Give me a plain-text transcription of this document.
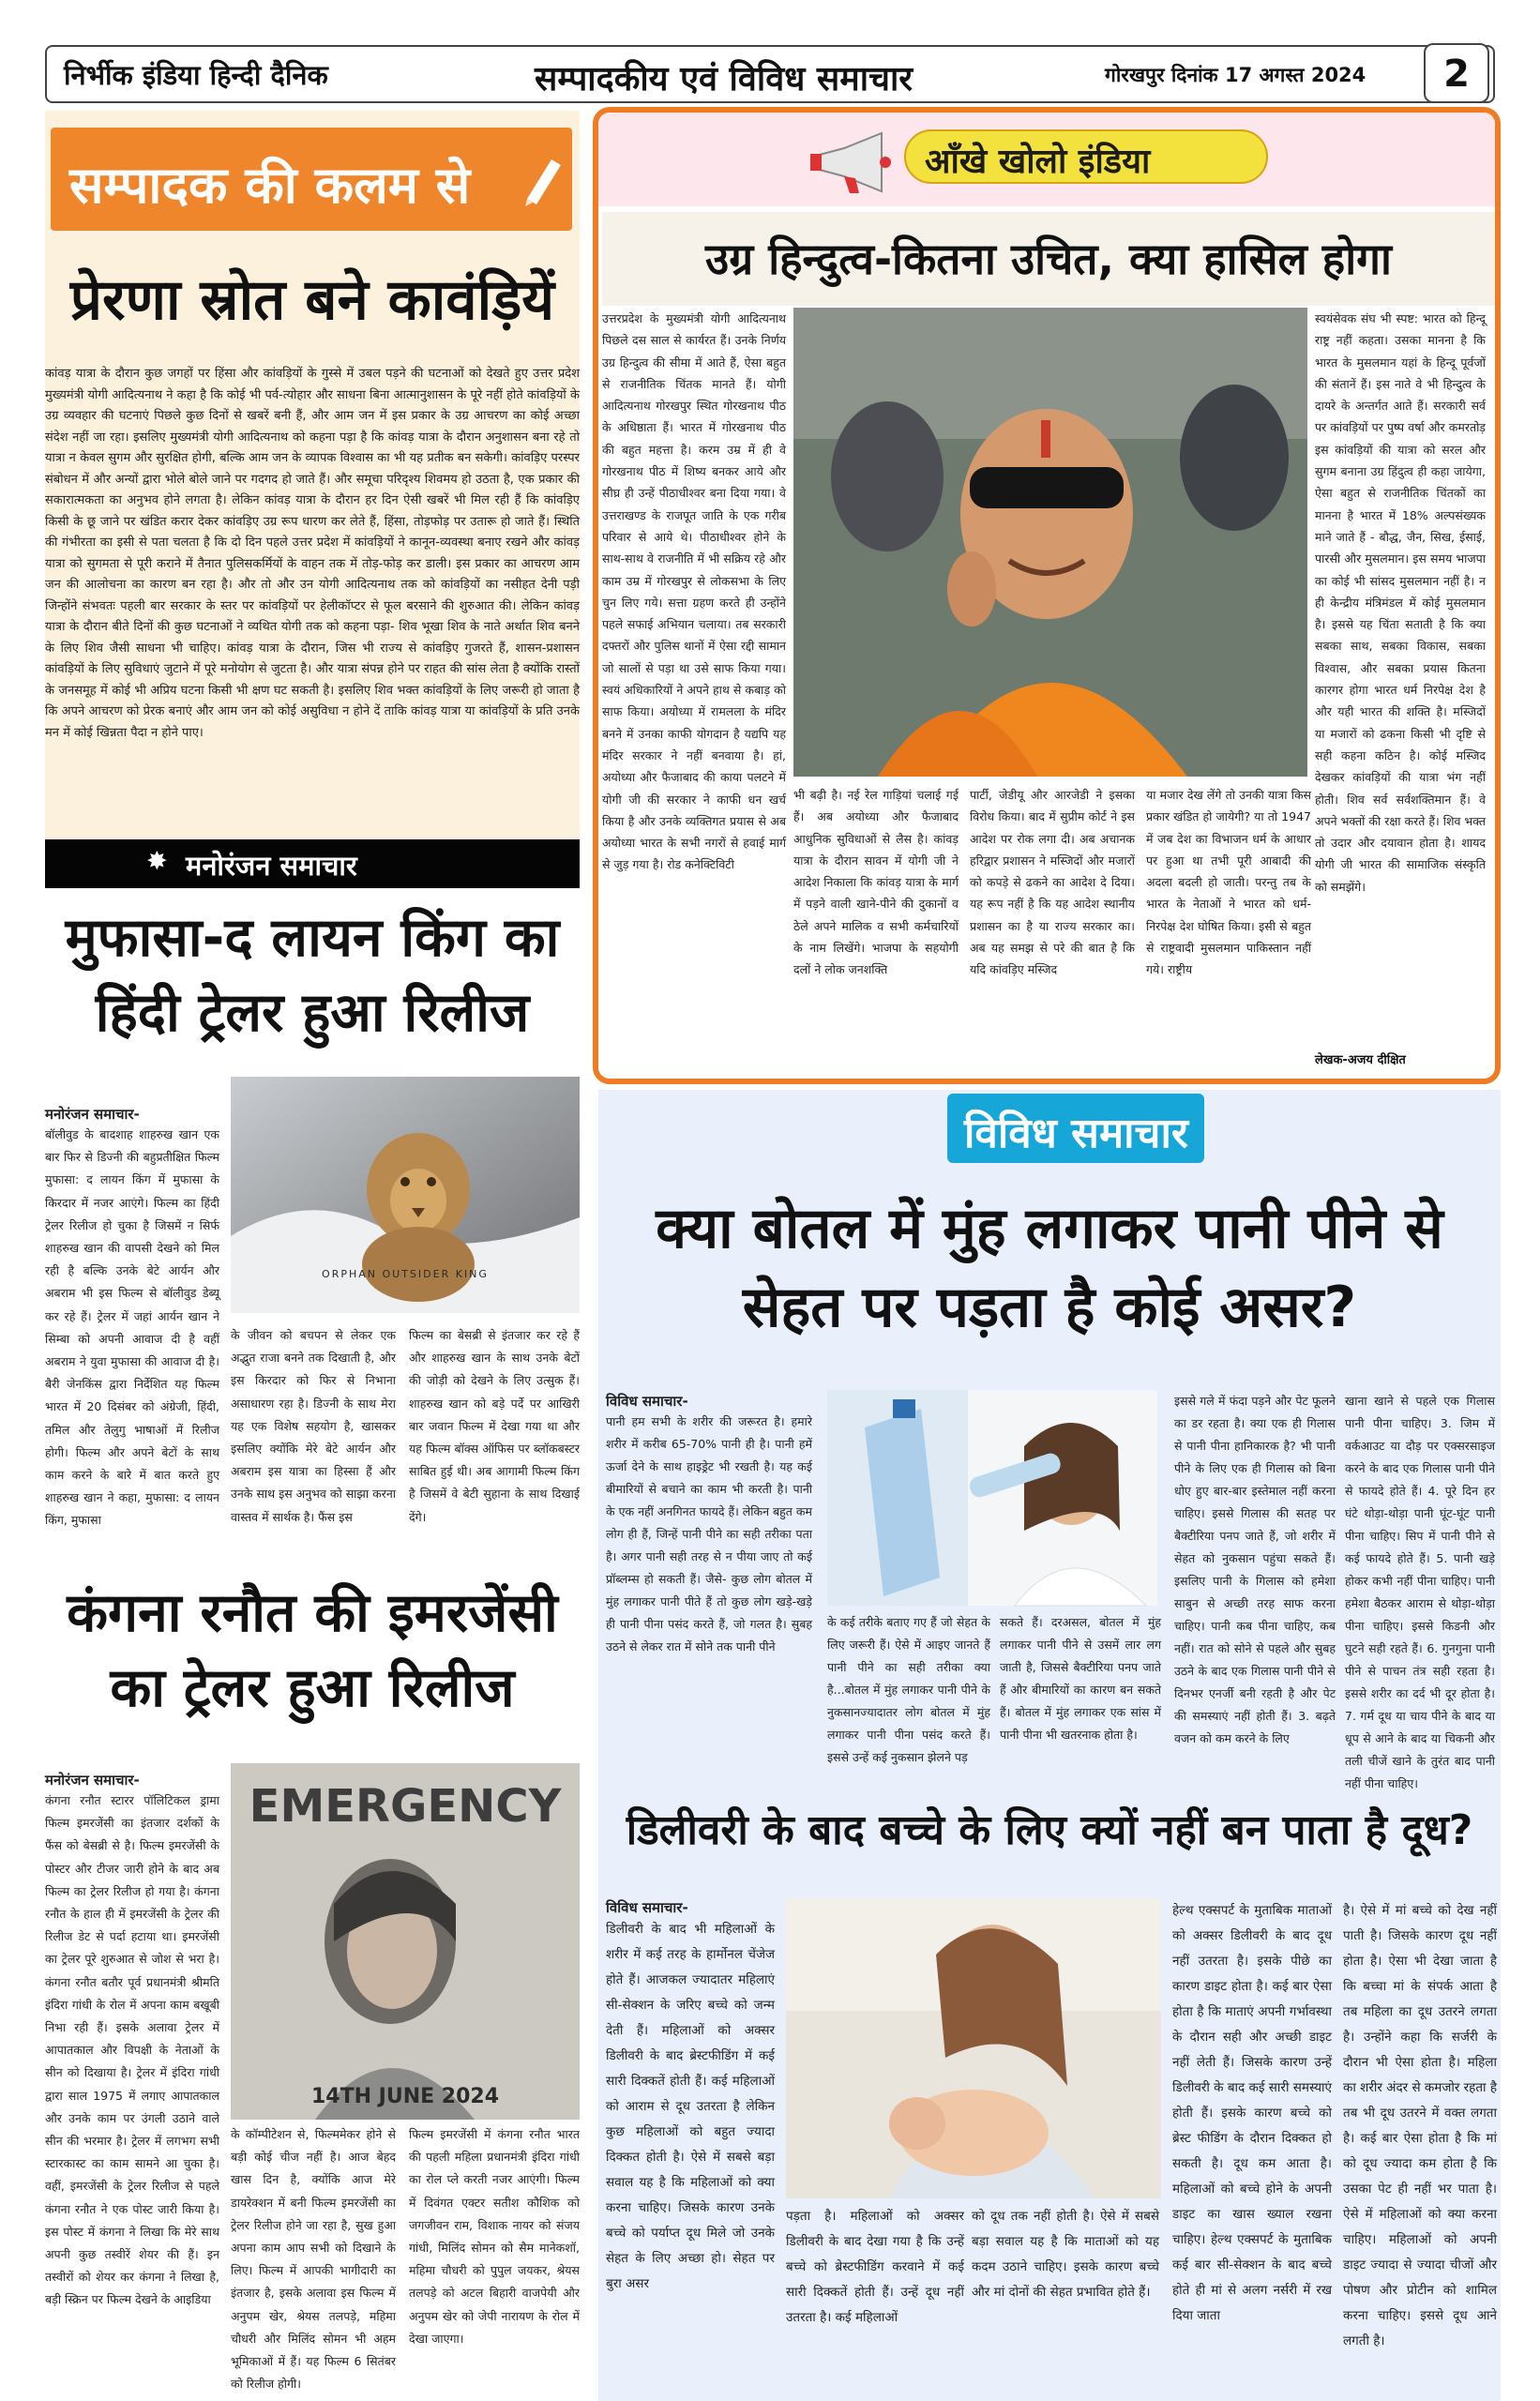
निर्भीक इंडिया हिन्दी दैनिक	सम्पादकीय एवं विविध समाचार	गोरखपुर दिनांक 17 अगस्त 2024	2
सम्पादक की कलम से
प्रेरणा स्रोत बने कावंड़ियें
कांवड़ यात्रा के दौरान कुछ जगहों पर हिंसा और कांवड़ियों के गुस्से में उबल पड़ने की घटनाओं को देखते हुए उत्तर प्रदेश मुख्यमंत्री योगी आदित्यनाथ ने कहा है कि कोई भी पर्व-त्योहार और साधना बिना आत्मानुशासन के पूरे नहीं होते कांवड़ियों के उग्र व्यवहार की घटनाएं पिछले कुछ दिनों से खबरें बनी हैं, और आम जन में इस प्रकार के उग्र आचरण का कोई अच्छा संदेश नहीं जा रहा। इसलिए मुख्यमंत्री योगी आदित्यनाथ को कहना पड़ा है कि कांवड़ यात्रा के दौरान अनुशासन बना रहे तो यात्रा न केवल सुगम और सुरक्षित होगी, बल्कि आम जन के व्यापक विश्वास का भी यह प्रतीक बन सकेगी। कांवड़िए परस्पर संबोधन में और अन्यों द्वारा भोले बोले जाने पर गदगद हो जाते हैं। और समूचा परिदृश्य शिवमय हो उठता है, एक प्रकार की सकारात्मकता का अनुभव होने लगता है। लेकिन कांवड़ यात्रा के दौरान हर दिन ऐसी खबरें भी मिल रही हैं कि कांवड़िए किसी के छू जाने पर खंडित करार देकर कांवड़िए उग्र रूप धारण कर लेते हैं, हिंसा, तोड़फोड़ पर उतारू हो जाते हैं। स्थिति की गंभीरता का इसी से पता चलता है कि दो दिन पहले उत्तर प्रदेश में कांवड़ियों ने कानून-व्यवस्था बनाए रखने और कांवड़ यात्रा को सुगमता से पूरी कराने में तैनात पुलिसकर्मियों के वाहन तक में तोड़-फोड़ कर डाली। इस प्रकार का आचरण आम जन की आलोचना का कारण बन रहा है। और तो और उन योगी आदित्यनाथ तक को कांवड़ियों का नसीहत देनी पड़ी जिन्होंने संभवतः पहली बार सरकार के स्तर पर कांवड़ियों पर हेलीकॉप्टर से फूल बरसाने की शुरुआत की। लेकिन कांवड़ यात्रा के दौरान बीते दिनों की कुछ घटनाओं ने व्यथित योगी तक को कहना पड़ा- शिव भूखा शिव के नाते अर्थात शिव बनने के लिए शिव जैसी साधना भी चाहिए। कांवड़ यात्रा के दौरान, जिस भी राज्य से कांवड़िए गुजरते हैं, शासन-प्रशासन कांवड़ियों के लिए सुविधाएं जुटाने में पूरे मनोयोग से जुटता है। और यात्रा संपन्न होने पर राहत की सांस लेता है क्योंकि रास्तों के जनसमूह में कोई भी अप्रिय घटना किसी भी क्षण घट सकती है। इसलिए शिव भक्त कांवड़ियों के लिए जरूरी हो जाता है कि अपने आचरण को प्रेरक बनाएं और आम जन को कोई असुविधा न होने दें ताकि कांवड़ यात्रा या कांवड़ियों के प्रति उनके मन में कोई खिन्नता पैदा न होने पाए।
✸ मनोरंजन समाचार
मुफासा-द लायन किंग का हिंदी ट्रेलर हुआ रिलीज
मनोरंजन समाचार-
बॉलीवुड के बादशाह शाहरुख खान एक बार फिर से डिज्नी की बहुप्रतीक्षित फिल्म मुफासा: द लायन किंग में मुफासा के किरदार में नजर आएंगे। फिल्म का हिंदी ट्रेलर रिलीज हो चुका है जिसमें न सिर्फ शाहरुख खान की वापसी देखने को मिल रही है बल्कि उनके बेटे आर्यन और अबराम भी इस फिल्म से बॉलीवुड डेब्यू कर रहे हैं। ट्रेलर में जहां आर्यन खान ने सिम्बा को अपनी आवाज दी है वहीं अबराम ने युवा मुफासा की आवाज दी है। बैरी जेनकिंस द्वारा निर्देशित यह फिल्म भारत में 20 दिसंबर को अंग्रेजी, हिंदी, तमिल और तेलुगु भाषाओं में रिलीज होगी। फिल्म और अपने बेटों के साथ काम करने के बारे में बात करते हुए शाहरुख खान ने कहा, मुफासा: द लायन किंग, मुफासा
ORPHAN OUTSIDER KING
के जीवन को बचपन से लेकर एक अद्भुत राजा बनने तक दिखाती है, और इस किरदार को फिर से निभाना असाधारण रहा है। डिज्नी के साथ मेरा यह एक विशेष सहयोग है, खासकर इसलिए क्योंकि मेरे बेटे आर्यन और अबराम इस यात्रा का हिस्सा हैं और उनके साथ इस अनुभव को साझा करना वास्तव में सार्थक है। फैंस इस
फिल्म का बेसब्री से इंतजार कर रहे हैं और शाहरुख खान के साथ उनके बेटों की जोड़ी को देखने के लिए उत्सुक हैं। शाहरुख खान को बड़े पर्दे पर आखिरी बार जवान फिल्म में देखा गया था और यह फिल्म बॉक्स ऑफिस पर ब्लॉकबस्टर साबित हुई थी। अब आगामी फिल्म किंग है जिसमें वे बेटी सुहाना के साथ दिखाई देंगे।
कंगना रनौत की इमरजेंसी का ट्रेलर हुआ रिलीज
मनोरंजन समाचार-
कंगना रनौत स्टारर पॉलिटिकल ड्रामा फिल्म इमरजेंसी का इंतजार दर्शकों के फैंस को बेसब्री से है। फिल्म इमरजेंसी के पोस्टर और टीजर जारी होने के बाद अब फिल्म का ट्रेलर रिलीज हो गया है। कंगना रनौत के हाल ही में इमरजेंसी के ट्रेलर की रिलीज डेट से पर्दा हटाया था। इमरजेंसी का ट्रेलर पूरे शुरुआत से जोश से भरा है। कंगना रनौत बतौर पूर्व प्रधानमंत्री श्रीमति इंदिरा गांधी के रोल में अपना काम बखूबी निभा रही हैं। इसके अलावा ट्रेलर में आपातकाल और विपक्षी के नेताओं के सीन को दिखाया है। ट्रेलर में इंदिरा गांधी द्वारा साल 1975 में लगाए आपातकाल और उनके काम पर उंगली उठाने वाले सीन की भरमार है। ट्रेलर में लगभग सभी स्टारकास्ट का काम सामने आ चुका है। वहीं, इमरजेंसी के ट्रेलर रिलीज से पहले कंगना रनौत ने एक पोस्ट जारी किया है। इस पोस्ट में कंगना ने लिखा कि मेरे साथ अपनी कुछ तस्वीरें शेयर की हैं। इन तस्वीरों को शेयर कर कंगना ने लिखा है, बड़ी स्क्रिन पर फिल्म देखने के आइडिया
EMERGENCY
14TH JUNE 2024
के कॉम्पीटेशन से, फिल्ममेकर होने से बड़ी कोई चीज नहीं है। आज बेहद खास दिन है, क्योंकि आज मेरे डायरेक्शन में बनी फिल्म इमरजेंसी का ट्रेलर रिलीज होने जा रहा है, सुख हुआ अपना काम आप सभी को दिखाने के लिए। फिल्म में आपकी भागीदारी का इंतजार है, इसके अलावा इस फिल्म में अनुपम खेर, श्रेयस तलपड़े, महिमा चौधरी और मिलिंद सोमन भी अहम भूमिकाओं में हैं। यह फिल्म 6 सितंबर को रिलीज होगी।
फिल्म इमरजेंसी में कंगना रनौत भारत की पहली महिला प्रधानमंत्री इंदिरा गांधी का रोल प्ले करती नजर आएंगी। फिल्म में दिवंगत एक्टर सतीश कौशिक को जगजीवन राम, विशाक नायर को संजय गांधी, मिलिंद सोमन को सैम मानेकशॉ, महिमा चौधरी को पुपुल जयकर, श्रेयस तलपड़े को अटल बिहारी वाजपेयी और अनुपम खेर को जेपी नारायण के रोल में देखा जाएगा।
आँखे खोलो इंडिया
उग्र हिन्दुत्व-कितना उचित, क्या हासिल होगा
उत्तरप्रदेश के मुख्यमंत्री योगी आदित्यनाथ पिछले दस साल से कार्यरत हैं। उनके निर्णय उग्र हिन्दुत्व की सीमा में आते हैं, ऐसा बहुत से राजनीतिक चिंतक मानते हैं। योगी आदित्यनाथ गोरखपुर स्थित गोरखनाथ पीठ के अधिष्ठाता हैं। भारत में गोरखनाथ पीठ की बहुत महत्ता है। करम उम्र में ही वे गोरखनाथ पीठ में शिष्य बनकर आये और सीघ्र ही उन्हें पीठाधीश्वर बना दिया गया। वे उत्तराखण्ड के राजपूत जाति के एक गरीब परिवार से आये थे। पीठाधीश्वर होने के साथ-साथ वे राजनीति में भी सक्रिय रहे और काम उम्र में गोरखपुर से लोकसभा के लिए चुन लिए गये। सत्ता ग्रहण करते ही उन्होंने पहले सफाई अभियान चलाया। तब सरकारी दफ्तरों और पुलिस थानों में ऐसा रद्दी सामान जो सालों से पड़ा था उसे साफ किया गया। स्वयं अधिकारियों ने अपने हाथ से कबाड़ को साफ किया। अयोध्या में रामलला के मंदिर बनने में उनका काफी योगदान है यद्यपि यह मंदिर सरकार ने नहीं बनवाया है। हां, अयोध्या और फैजाबाद की काया पलटने में योगी जी की सरकार ने काफी धन खर्च किया है और उनके व्यक्तिगत प्रयास से अब अयोध्या भारत के सभी नगरों से हवाई मार्ग से जुड़ गया है। रोड कनेक्टिविटी
भी बढ़ी है। नई रेल गाड़ियां चलाई गई हैं। अब अयोध्या और फैजाबाद आधुनिक सुविधाओं से लैस है। कांवड़ यात्रा के दौरान सावन में योगी जी ने आदेश निकाला कि कांवड़ यात्रा के मार्ग में पड़ने वाली खाने-पीने की दुकानों व ठेले अपने मालिक व सभी कर्मचारियों के नाम लिखेंगे। भाजपा के सहयोगी दलों ने लोक जनशक्ति
पार्टी, जेडीयू और आरजेडी ने इसका विरोध किया। बाद में सुप्रीम कोर्ट ने इस आदेश पर रोक लगा दी। अब अचानक हरिद्वार प्रशासन ने मस्जिदों और मजारों को कपड़े से ढकने का आदेश दे दिया। यह रूप नहीं है कि यह आदेश स्थानीय प्रशासन का है या राज्य सरकार का। अब यह समझ से परे की बात है कि यदि कांवड़िए मस्जिद
या मजार देख लेंगे तो उनकी यात्रा किस प्रकार खंडित हो जायेगी? या तो 1947 में जब देश का विभाजन धर्म के आधार पर हुआ था तभी पूरी आबादी की अदला बदली हो जाती। परन्तु तब के भारत के नेताओं ने भारत को धर्म-निरपेक्ष देश घोषित किया। इसी से बहुत से राष्ट्रवादी मुसलमान पाकिस्तान नहीं गये। राष्ट्रीय
स्वयंसेवक संघ भी स्पष्ट: भारत को हिन्दू राष्ट्र नहीं कहता। उसका मानना है कि भारत के मुसलमान यहां के हिन्दू पूर्वजों की संतानें हैं। इस नाते वे भी हिन्दुत्व के दायरे के अन्तर्गत आते हैं। सरकारी सर्व पर कांवड़ियों पर पुष्प वर्षा और कमरतोड़ इस कांवड़ियों की यात्रा को सरल और सुगम बनाना उग्र हिंदुत्व ही कहा जायेगा, ऐसा बहुत से राजनीतिक चिंतकों का मानना है भारत में 18% अल्पसंख्यक माने जाते हैं - बौद्ध, जैन, सिख, ईसाई, पारसी और मुसलमान। इस समय भाजपा का कोई भी सांसद मुसलमान नहीं है। न ही केन्द्रीय मंत्रिमंडल में कोई मुसलमान है। इससे यह चिंता सताती है कि क्या सबका साथ, सबका विकास, सबका विश्वास, और सबका प्रयास कितना कारगर होगा भारत धर्म निरपेक्ष देश है और यही भारत की शक्ति है। मस्जिदों या मजारों को ढकना किसी भी दृष्टि से सही कहना कठिन है। कोई मस्जिद देखकर कांवड़ियों की यात्रा भंग नहीं होती। शिव सर्व सर्वशक्तिमान हैं। वे अपने भक्तों की रक्षा करते हैं। शिव भक्त तो उदार और दयावान होता है। शायद योगी जी भारत की सामाजिक संस्कृति को समझेंगे।
लेखक-अजय दीक्षित
विविध समाचार
क्या बोतल में मुंह लगाकर पानी पीने से सेहत पर पड़ता है कोई असर?
विविध समाचार-
पानी हम सभी के शरीर की जरूरत है। हमारे शरीर में करीब 65-70% पानी ही है। पानी हमें ऊर्जा देने के साथ हाइड्रेट भी रखती है। यह कई बीमारियों से बचाने का काम भी करती है। पानी के एक नहीं अनगिनत फायदे हैं। लेकिन बहुत कम लोग ही हैं, जिन्हें पानी पीने का सही तरीका पता है। अगर पानी सही तरह से न पीया जाए तो कई प्रॉब्लम्स हो सकती हैं। जैसे- कुछ लोग बोतल में मुंह लगाकर पानी पीते हैं तो कुछ लोग खड़े-खड़े ही पानी पीना पसंद करते हैं, जो गलत है। सुबह उठने से लेकर रात में सोने तक पानी पीने
के कई तरीके बताए गए हैं जो सेहत के लिए जरूरी हैं। ऐसे में आइए जानते हैं पानी पीने का सही तरीका क्या है...बोतल में मुंह लगाकर पानी पीने के नुकसानज्यादातर लोग बोतल में मुंह लगाकर पानी पीना पसंद करते हैं। इससे उन्हें कई नुकसान झेलने पड़
सकते हैं। दरअसल, बोतल में मुंह लगाकर पानी पीने से उसमें लार लग जाती है, जिससे बैक्टीरिया पनप जाते हैं और बीमारियों का कारण बन सकते हैं। बोतल में मुंह लगाकर एक सांस में पानी पीना भी खतरनाक होता है।
इससे गले में फंदा पड़ने और पेट फूलने का डर रहता है। क्या एक ही गिलास से पानी पीना हानिकारक है? भी पानी पीने के लिए एक ही गिलास को बिना धोए हुए बार-बार इस्तेमाल नहीं करना चाहिए। इससे गिलास की सतह पर बैक्टीरिया पनप जाते हैं, जो शरीर में सेहत को नुकसान पहुंचा सकते हैं। इसलिए पानी के गिलास को हमेशा साबुन से अच्छी तरह साफ करना चाहिए। पानी कब पीना चाहिए, कब नहीं। रात को सोने से पहले और सुबह उठने के बाद एक गिलास पानी पीने से दिनभर एनर्जी बनी रहती है और पेट की समस्याएं नहीं होती हैं। 3. बढ़ते वजन को कम करने के लिए
खाना खाने से पहले एक गिलास पानी पीना चाहिए। 3. जिम में वर्कआउट या दौड़ पर एक्सरसाइज करने के बाद एक गिलास पानी पीने से फायदे होते हैं। 4. पूरे दिन हर घंटे थोड़ा-थोड़ा पानी घूंट-घूंट पानी पीना चाहिए। सिप में पानी पीने से कई फायदे होते हैं। 5. पानी खड़े होकर कभी नहीं पीना चाहिए। पानी हमेशा बैठकर आराम से थोड़ा-थोड़ा पीना चाहिए। इससे किडनी और घुटने सही रहते हैं। 6. गुनगुना पानी पीने से पाचन तंत्र सही रहता है। इससे शरीर का दर्द भी दूर होता है। 7. गर्म दूध या चाय पीने के बाद या धूप से आने के बाद या चिकनी और तली चीजें खाने के तुरंत बाद पानी नहीं पीना चाहिए।
डिलीवरी के बाद बच्चे के लिए क्यों नहीं बन पाता है दूध?
विविध समाचार-
डिलीवरी के बाद भी महिलाओं के शरीर में कई तरह के हार्मोनल चेंजेज होते हैं। आजकल ज्यादातर महिलाएं सी-सेक्शन के जरिए बच्चे को जन्म देती हैं। महिलाओं को अक्सर डिलीवरी के बाद ब्रेस्टफीडिंग में कई सारी दिक्कतें होती हैं। कई महिलाओं को आराम से दूध उतरता है लेकिन कुछ महिलाओं को बहुत ज्यादा दिक्कत होती है। ऐसे में सबसे बड़ा सवाल यह है कि महिलाओं को क्या करना चाहिए। जिसके कारण उनके बच्चे को पर्याप्त दूध मिले जो उनके सेहत के लिए अच्छा हो। सेहत पर बुरा असर
पड़ता है। महिलाओं को अक्सर डिलीवरी के बाद देखा गया है कि उन्हें बच्चे को ब्रेस्टफीडिंग करवाने में कई सारी दिक्कतें होती हैं। उन्हें दूध नहीं उतरता है। कई महिलाओं
को दूध तक नहीं होती है। ऐसे में सबसे बड़ा सवाल यह है कि माताओं को यह कदम उठाने चाहिए। इसके कारण बच्चे और मां दोनों की सेहत प्रभावित होते हैं।
हेल्थ एक्सपर्ट के मुताबिक माताओं को अक्सर डिलीवरी के बाद दूध नहीं उतरता है। इसके पीछे का कारण डाइट होता है। कई बार ऐसा होता है कि माताएं अपनी गर्भावस्था के दौरान सही और अच्छी डाइट नहीं लेती हैं। जिसके कारण उन्हें डिलीवरी के बाद कई सारी समस्याएं होती हैं। इसके कारण बच्चे को ब्रेस्ट फीडिंग के दौरान दिक्कत हो सकती है। दूध कम आता है। महिलाओं को बच्चे होने के अपनी डाइट का खास ख्याल रखना चाहिए। हेल्थ एक्सपर्ट के मुताबिक कई बार सी-सेक्शन के बाद बच्चे होते ही मां से अलग नर्सरी में रख दिया जाता
है। ऐसे में मां बच्चे को देख नहीं पाती है। जिसके कारण दूध नहीं होता है। ऐसा भी देखा जाता है कि बच्चा मां के संपर्क आता है तब महिला का दूध उतरने लगता है। उन्होंने कहा कि सर्जरी के दौरान भी ऐसा होता है। महिला का शरीर अंदर से कमजोर रहता है तब भी दूध उतरने में वक्त लगता है। कई बार ऐसा होता है कि मां को दूध ज्यादा कम होता है कि उसका पेट ही नहीं भर पाता है। ऐसे में महिलाओं को क्या करना चाहिए। महिलाओं को अपनी डाइट ज्यादा से ज्यादा चीजों और पोषण और प्रोटीन को शामिल करना चाहिए। इससे दूध आने लगती है।
